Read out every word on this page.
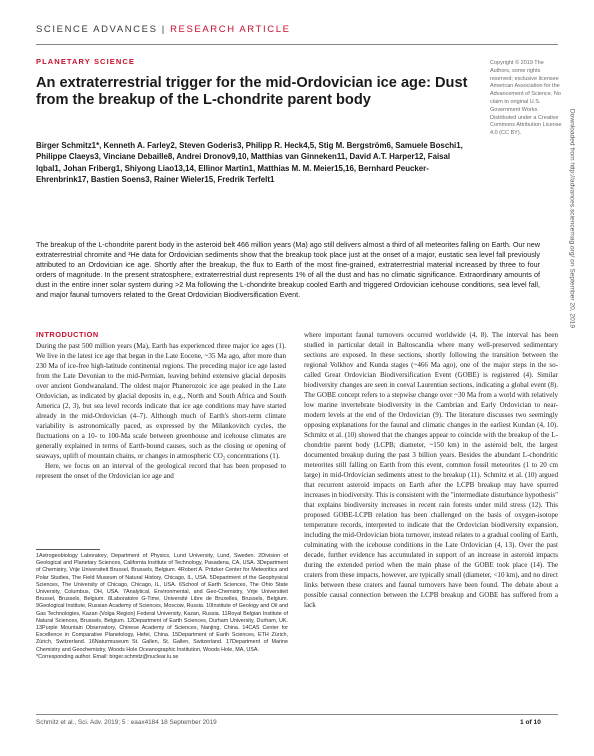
SCIENCE ADVANCES | RESEARCH ARTICLE
PLANETARY SCIENCE
An extraterrestrial trigger for the mid-Ordovician ice age: Dust from the breakup of the L-chondrite parent body
Birger Schmitz1*, Kenneth A. Farley2, Steven Goderis3, Philipp R. Heck4,5, Stig M. Bergström6, Samuele Boschi1, Philippe Claeys3, Vinciane Debaille8, Andrei Dronov9,10, Matthias van Ginneken11, David A.T. Harper12, Faisal Iqbal1, Johan Friberg1, Shiyong Liao13,14, Ellinor Martin1, Matthias M. M. Meier15,16, Bernhard Peucker-Ehrenbrink17, Bastien Soens3, Rainer Wieler15, Fredrik Terfelt1
Copyright © 2019 The Authors, some rights reserved; exclusive licensee American Association for the Advancement of Science. No claim to original U.S. Government Works. Distributed under a Creative Commons Attribution License 4.0 (CC BY).
The breakup of the L-chondrite parent body in the asteroid belt 466 million years (Ma) ago still delivers almost a third of all meteorites falling on Earth. Our new extraterrestrial chromite and ³He data for Ordovician sediments show that the breakup took place just at the onset of a major, eustatic sea level fall previously attributed to an Ordovician ice age. Shortly after the breakup, the flux to Earth of the most fine-grained, extraterrestrial material increased by three to four orders of magnitude. In the present stratosphere, extraterrestrial dust represents 1% of all the dust and has no climatic significance. Extraordinary amounts of dust in the entire inner solar system during >2 Ma following the L-chondrite breakup cooled Earth and triggered Ordovician icehouse conditions, sea level fall, and major faunal turnovers related to the Great Ordovician Biodiversification Event.	Downloaded from http://advances.sciencemag.org/ on September 20, 2019
INTRODUCTION

During the past 500 million years (Ma), Earth has experienced three major ice ages (1). We live in the latest ice age that began in the Late Eocene, ~35 Ma ago, after more than 230 Ma of ice-free high-latitude continental regions. The preceding major ice age lasted from the Late Devonian to the mid-Permian, leaving behind extensive glacial deposits over ancient Gondwanaland. The oldest major Phanerozoic ice age peaked in the Late Ordovician, as indicated by glacial deposits in, e.g., North and South Africa and South America (2, 3), but sea level records indicate that ice age conditions may have started already in the mid-Ordovician (4–7). Although much of Earth's short-term climate variability is astronomically paced, as expressed by the Milankovitch cycles, the fluctuations on a 10- to 100-Ma scale between greenhouse and icehouse climates are generally explained in terms of Earth-bound causes, such as the closing or opening of seaways, uplift of mountain chains, or changes in atmospheric CO₂ concentrations (1).

Here, we focus on an interval of the geological record that has been proposed to represent the onset of the Ordovician ice age and

1Astrogeobiology Laboratory, Department of Physics, Lund University, Lund, Sweden. 2Division of Geological and Planetary Sciences, California Institute of Technology, Pasadena, CA, USA. 3Department of Chemistry, Vrije Universiteit Brussel, Brussels, Belgium. 4Robert A. Pritzker Center for Meteoritics and Polar Studies, The Field Museum of Natural History, Chicago, IL, USA. 5Department of the Geophysical Sciences, The University of Chicago, Chicago, IL, USA. 6School of Earth Sciences, The Ohio State University, Columbus, OH, USA. 7Analytical, Environmental, and Geo-Chemistry, Vrije Universiteit Brussel, Brussels, Belgium. 8Laboratoire G-Time, Université Libre de Bruxelles, Brussels, Belgium. 9Geological Institute, Russian Academy of Sciences, Moscow, Russia. 10Institute of Geology and Oil and Gas Technologies, Kazan (Volga Region) Federal University, Kazan, Russia. 11Royal Belgian Institute of Natural Sciences, Brussels, Belgium. 12Department of Earth Sciences, Durham University, Durham, UK. 13Purple Mountain Observatory, Chinese Academy of Sciences, Nanjing, China. 14CAS Center for Excellence in Comparative Planetology, Hefei, China. 15Department of Earth Sciences, ETH Zürich, Zürich, Switzerland. 16Naturmuseum St. Gallen, St. Gallen, Switzerland. 17Department of Marine Chemistry and Geochemistry, Woods Hole Oceanographic Institution, Woods Hole, MA, USA.

*Corresponding author. Email: birger.schmitz@nuclear.lu.se

where important faunal turnovers occurred worldwide (4, 8). The interval has been studied in particular detail in Baltoscandia where many well-preserved sedimentary sections are exposed. In these sections, shortly following the transition between the regional Volkhov and Kunda stages (~466 Ma ago), one of the major steps in the so-called Great Ordovician Biodiversification Event (GOBE) is registered (4). Similar biodiversity changes are seen in coeval Laurentian sections, indicating a global event (8). The GOBE concept refers to a stepwise change over ~30 Ma from a world with relatively low marine invertebrate biodiversity in the Cambrian and Early Ordovician to near-modern levels at the end of the Ordovician (9). The literature discusses two seemingly opposing explanations for the faunal and climatic changes in the earliest Kundan (4, 10). Schmitz et al. (10) showed that the changes appear to coincide with the breakup of the L-chondrite parent body (LCPB; diameter, ~150 km) in the asteroid belt, the largest documented breakup during the past 3 billion years. Besides the abundant L-chondritic meteorites still falling on Earth from this event, common fossil meteorites (1 to 20 cm large) in mid-Ordovician sediments attest to the breakup (11). Schmitz et al. (10) argued that recurrent asteroid impacts on Earth after the LCPB breakup may have spurred increases in biodiversity. This is consistent with the "intermediate disturbance hypothesis" that explains biodiversity increases in recent rain forests under mild stress (12). This proposed GOBE-LCPB relation has been challenged on the basis of oxygen-isotope temperature records, interpreted to indicate that the Ordovician biodiversity expansion, including the mid-Ordovician biota turnover, instead relates to a gradual cooling of Earth, culminating with the icehouse conditions in the Late Ordovician (4, 13). Over the past decade, further evidence has accumulated in support of an increase in asteroid impacts during the extended period when the main phase of the GOBE took place (14). The craters from these impacts, however, are typically small (diameter, <10 km), and no direct links between these craters and faunal turnovers have been found. The debate about a possible causal connection between the LCPB breakup and GOBE has suffered from a lack

Schmitz et al., Sci. Adv. 2019; 5 : eaax4184 18 September 2019	1 of 10
